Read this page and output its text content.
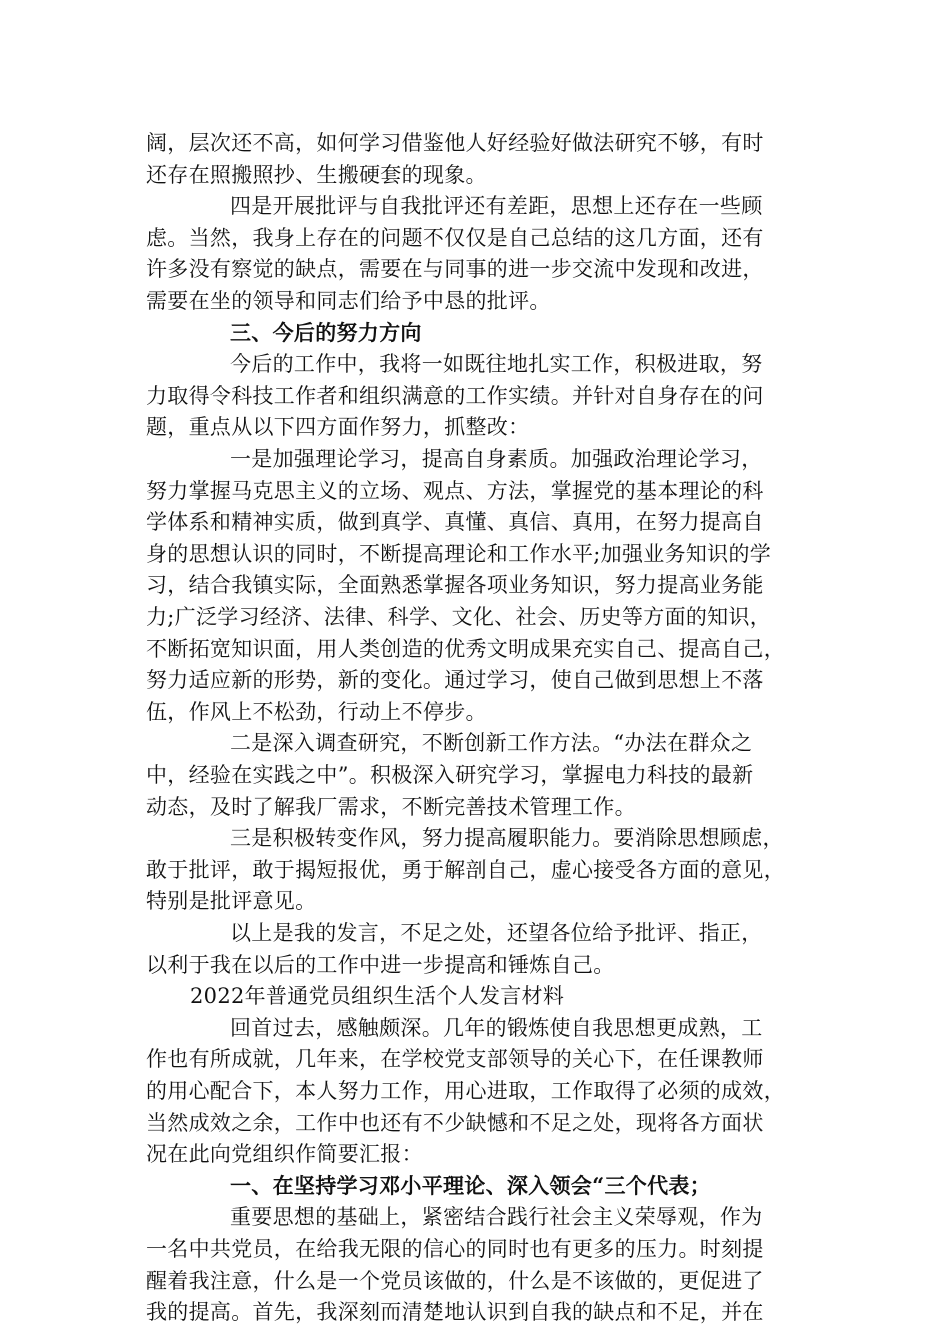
阔，层次还不高，如何学习借鉴他人好经验好做法研究不够，有时

还存在照搬照抄、生搬硬套的现象。

四是开展批评与自我批评还有差距，思想上还存在一些顾

虑。当然，我身上存在的问题不仅仅是自己总结的这几方面，还有

许多没有察觉的缺点，需要在与同事的进一步交流中发现和改进，

需要在坐的领导和同志们给予中恳的批评。

三、今后的努力方向

今后的工作中，我将一如既往地扎实工作，积极进取，努

力取得令科技工作者和组织满意的工作实绩。并针对自身存在的问

题，重点从以下四方面作努力，抓整改：

一是加强理论学习，提高自身素质。加强政治理论学习，

努力掌握马克思主义的立场、观点、方法，掌握党的基本理论的科

学体系和精神实质，做到真学、真懂、真信、真用，在努力提高自

身的思想认识的同时，不断提高理论和工作水平;加强业务知识的学

习，结合我镇实际，全面熟悉掌握各项业务知识，努力提高业务能

力;广泛学习经济、法律、科学、文化、社会、历史等方面的知识，

不断拓宽知识面，用人类创造的优秀文明成果充实自己、提高自己，

努力适应新的形势，新的变化。通过学习，使自己做到思想上不落

伍，作风上不松劲，行动上不停步。

二是深入调查研究，不断创新工作方法。“办法在群众之

中，经验在实践之中”。积极深入研究学习，掌握电力科技的最新

动态，及时了解我厂需求，不断完善技术管理工作。

三是积极转变作风，努力提高履职能力。要消除思想顾虑，

敢于批评，敢于揭短报优，勇于解剖自己，虚心接受各方面的意见，

特别是批评意见。

以上是我的发言，不足之处，还望各位给予批评、指正，

以利于我在以后的工作中进一步提高和锤炼自己。

2022年普通党员组织生活个人发言材料

回首过去，感触颇深。几年的锻炼使自我思想更成熟，工

作也有所成就，几年来，在学校党支部领导的关心下，在任课教师

的用心配合下，本人努力工作，用心进取，工作取得了必须的成效，

当然成效之余，工作中也还有不少缺憾和不足之处，现将各方面状

况在此向党组织作简要汇报：

一、在坚持学习邓小平理论、深入领会“三个代表；

重要思想的基础上，紧密结合践行社会主义荣辱观，作为

一名中共党员，在给我无限的信心的同时也有更多的压力。时刻提

醒着我注意，什么是一个党员该做的，什么是不该做的，更促进了

我的提高。首先，我深刻而清楚地认识到自我的缺点和不足，并在
